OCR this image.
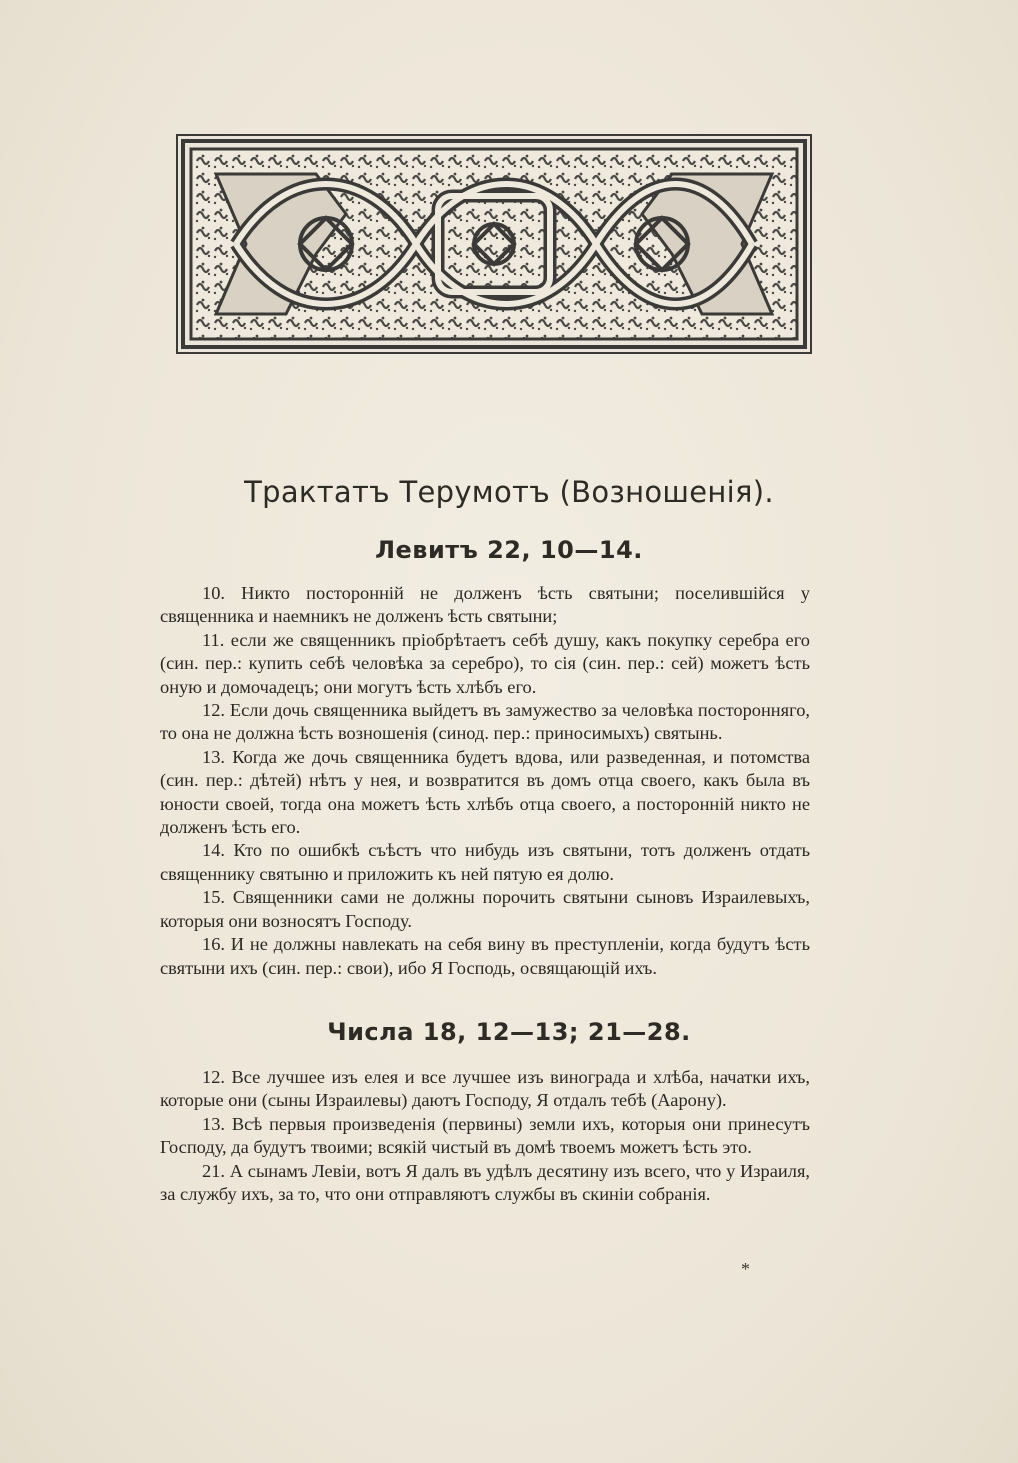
Трактатъ Терумотъ (Возношенія).
Левитъ 22, 10—14.

10. Никто посторонній не долженъ ѣсть святыни; поселившійся у священника и наемникъ не долженъ ѣсть святыни;

11. если же священникъ пріобрѣтаетъ себѣ душу, какъ покупку серебра его (син. пер.: купить себѣ человѣка за серебро), то сія (син. пер.: сей) можетъ ѣсть оную и домочадецъ; они могутъ ѣсть хлѣбъ его.

12. Если дочь священника выйдетъ въ замужество за человѣка посторонняго, то она не должна ѣсть возношенія (синод. пер.: приносимыхъ) святынь.

13. Когда же дочь священника будетъ вдова, или разведенная, и потомства (син. пер.: дѣтей) нѣтъ у нея, и возвратится въ домъ отца своего, какъ была въ юности своей, тогда она можетъ ѣсть хлѣбъ отца своего, а посторонній никто не долженъ ѣсть его.

14. Кто по ошибкѣ съѣстъ что нибудь изъ святыни, тотъ долженъ отдать священнику святыню и приложить къ ней пятую ея долю.

15. Священники сами не должны порочить святыни сыновъ Израилевыхъ, которыя они возносятъ Господу.

16. И не должны навлекать на себя вину въ преступленіи, когда будутъ ѣсть святыни ихъ (син. пер.: свои), ибо Я Господь, освящающій ихъ.

Числа 18, 12—13; 21—28.

12. Все лучшее изъ елея и все лучшее изъ винограда и хлѣба, начатки ихъ, которые они (сыны Израилевы) даютъ Господу, Я отдалъ тебѣ (Аарону).

13. Всѣ первыя произведенія (первины) земли ихъ, которыя они принесутъ Господу, да будутъ твоими; всякій чистый въ домѣ твоемъ можетъ ѣсть это.

21. А сынамъ Левіи, вотъ Я далъ въ удѣлъ десятину изъ всего, что у Израиля, за службу ихъ, за то, что они отправляютъ службы въ скиніи собранія.

*
